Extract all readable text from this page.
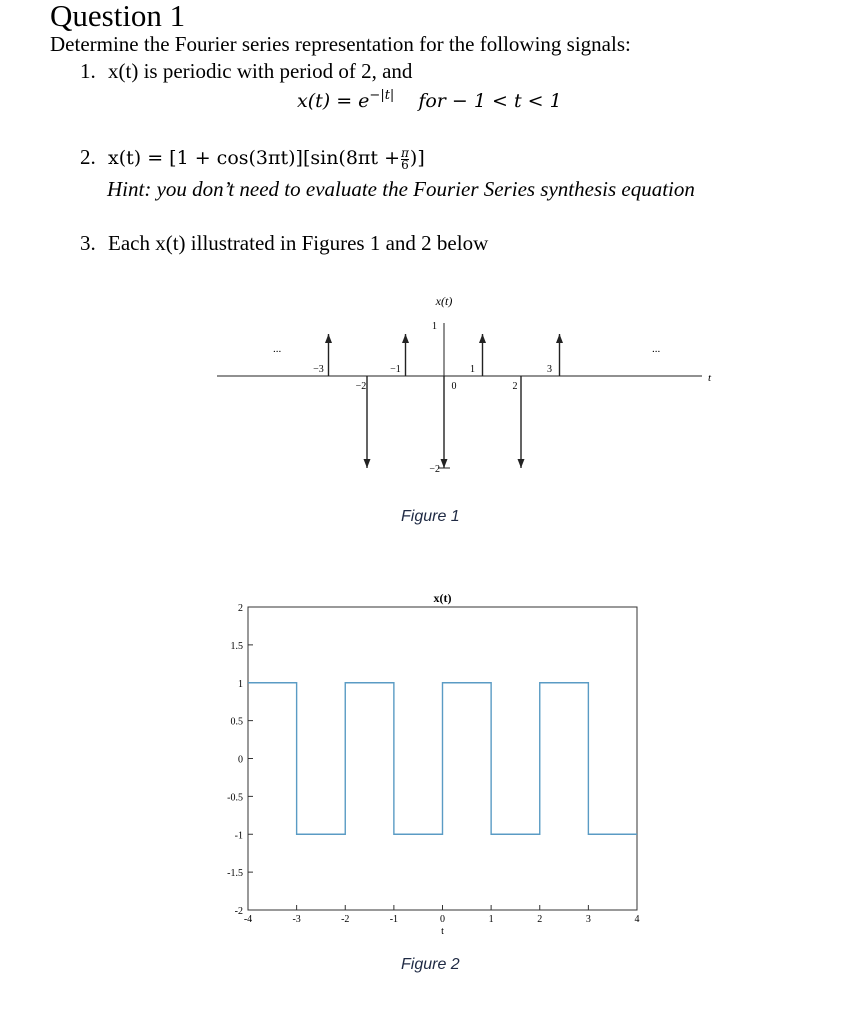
Question 1
Determine the Fourier series representation for the following signals:
1. x(t) is periodic with period of 2, and
$x(t) = e^{-|t|}$ for − 1 < t < 1
2. $x(t) = [1 + \cos(3\pi t)][\sin(8\pi t + \frac{\pi}{6}$ )]
Hint: you don’t need to evaluate the Fourier Series synthesis equation
3. Each x(t) illustrated in Figures 1 and 2 below
x(t)
t
...	...
1
−3
−2
−1
0
1
2
3
−2
Figure 1
x(t)
t
2
1.5
1
0.5
0
-0.5
-1
-1.5
-2
-4	-3	-2	-1	0	1	2	3	4
Figure 2
